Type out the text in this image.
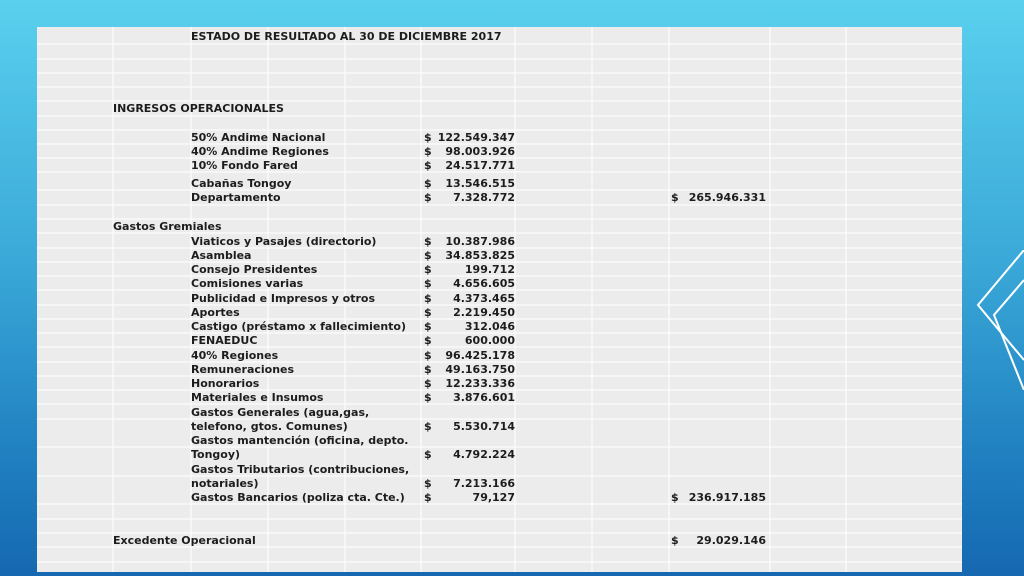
ESTADO DE RESULTADO AL 30 DE DICIEMBRE 2017
INGRESOS OPERACIONALES
50% Andime Nacional	$ 122.549.347
40% Andime Regiones	$	98.003.926
10% Fondo Fared	$	24.517.771
Cabañas Tongoy	$	13.546.515
Departamento	$	7.328.772	$ 265.946.331
Gastos Gremiales
Viaticos y Pasajes (directorio)	$	10.387.986
Asamblea	$	34.853.825
Consejo Presidentes	$	199.712
Comisiones varias	$	4.656.605
Publicidad e Impresos y otros	$	4.373.465
Aportes	$	2.219.450
Castigo (préstamo x fallecimiento) $	312.046
FENAEDUC	$	600.000
40% Regiones	$	96.425.178
Remuneraciones	$	49.163.750
Honorarios	$	12.233.336
Materiales e Insumos	$	3.876.601
Gastos Generales (agua,gas, telefono, gtos. Comunes)	$	5.530.714
Gastos mantención (oficina, depto. Tongoy)	$	4.792.224
Gastos Tributarios (contribuciones, notariales)	$	7.213.166
Gastos Bancarios (poliza cta. Cte.) $	79,127	$ 236.917.185
Excedente Operacional	$	29.029.146
